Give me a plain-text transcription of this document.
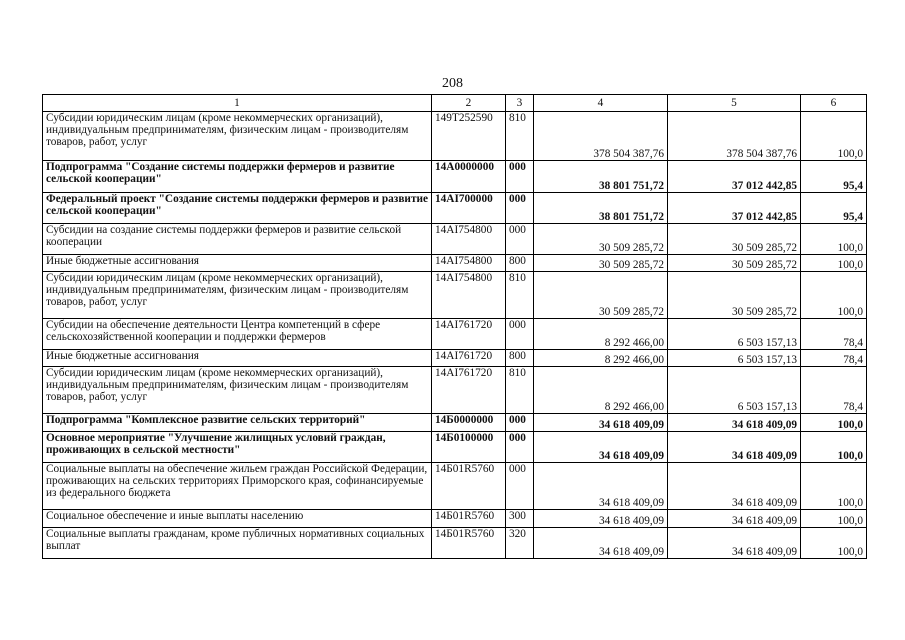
208
1	2	3	4	5	6
Субсидии юридическим лицам (кроме некоммерческих организаций), индивидуальным предпринимателям, физическим лицам - производителям товаров, работ, услуг	149T252590	810	378 504 387,76	378 504 387,76	100,0
Подпрограмма "Создание системы поддержки фермеров и развитие сельской кооперации"	14А0000000	000	38 801 751,72	37 012 442,85	95,4
Федеральный проект "Создание системы поддержки фермеров и развитие сельской кооперации"	14АI700000	000	38 801 751,72	37 012 442,85	95,4
Субсидии на создание системы поддержки фермеров и развитие сельской кооперации	14АI754800	000	30 509 285,72	30 509 285,72	100,0
Иные бюджетные ассигнования	14АI754800	800	30 509 285,72	30 509 285,72	100,0
Субсидии юридическим лицам (кроме некоммерческих организаций), индивидуальным предпринимателям, физическим лицам - производителям товаров, работ, услуг	14АI754800	810	30 509 285,72	30 509 285,72	100,0
Субсидии на обеспечение деятельности Центра компетенций в сфере сельскохозяйственной кооперации и поддержки фермеров	14АI761720	000	8 292 466,00	6 503 157,13	78,4
Иные бюджетные ассигнования	14АI761720	800	8 292 466,00	6 503 157,13	78,4
Субсидии юридическим лицам (кроме некоммерческих организаций), индивидуальным предпринимателям, физическим лицам - производителям товаров, работ, услуг	14АI761720	810	8 292 466,00	6 503 157,13	78,4
Подпрограмма "Комплексное развитие сельских территорий"	14Б0000000	000	34 618 409,09	34 618 409,09	100,0
Основное мероприятие "Улучшение жилищных условий граждан, проживающих в сельской местности"	14Б0100000	000	34 618 409,09	34 618 409,09	100,0
Социальные выплаты на обеспечение жильем граждан Российской Федерации, проживающих на сельских территориях Приморского края, софинансируемые из федерального бюджета	14Б01R5760	000	34 618 409,09	34 618 409,09	100,0
Социальное обеспечение и иные выплаты населению	14Б01R5760	300	34 618 409,09	34 618 409,09	100,0
Социальные выплаты гражданам, кроме публичных нормативных социальных выплат	14Б01R5760	320	34 618 409,09	34 618 409,09	100,0
